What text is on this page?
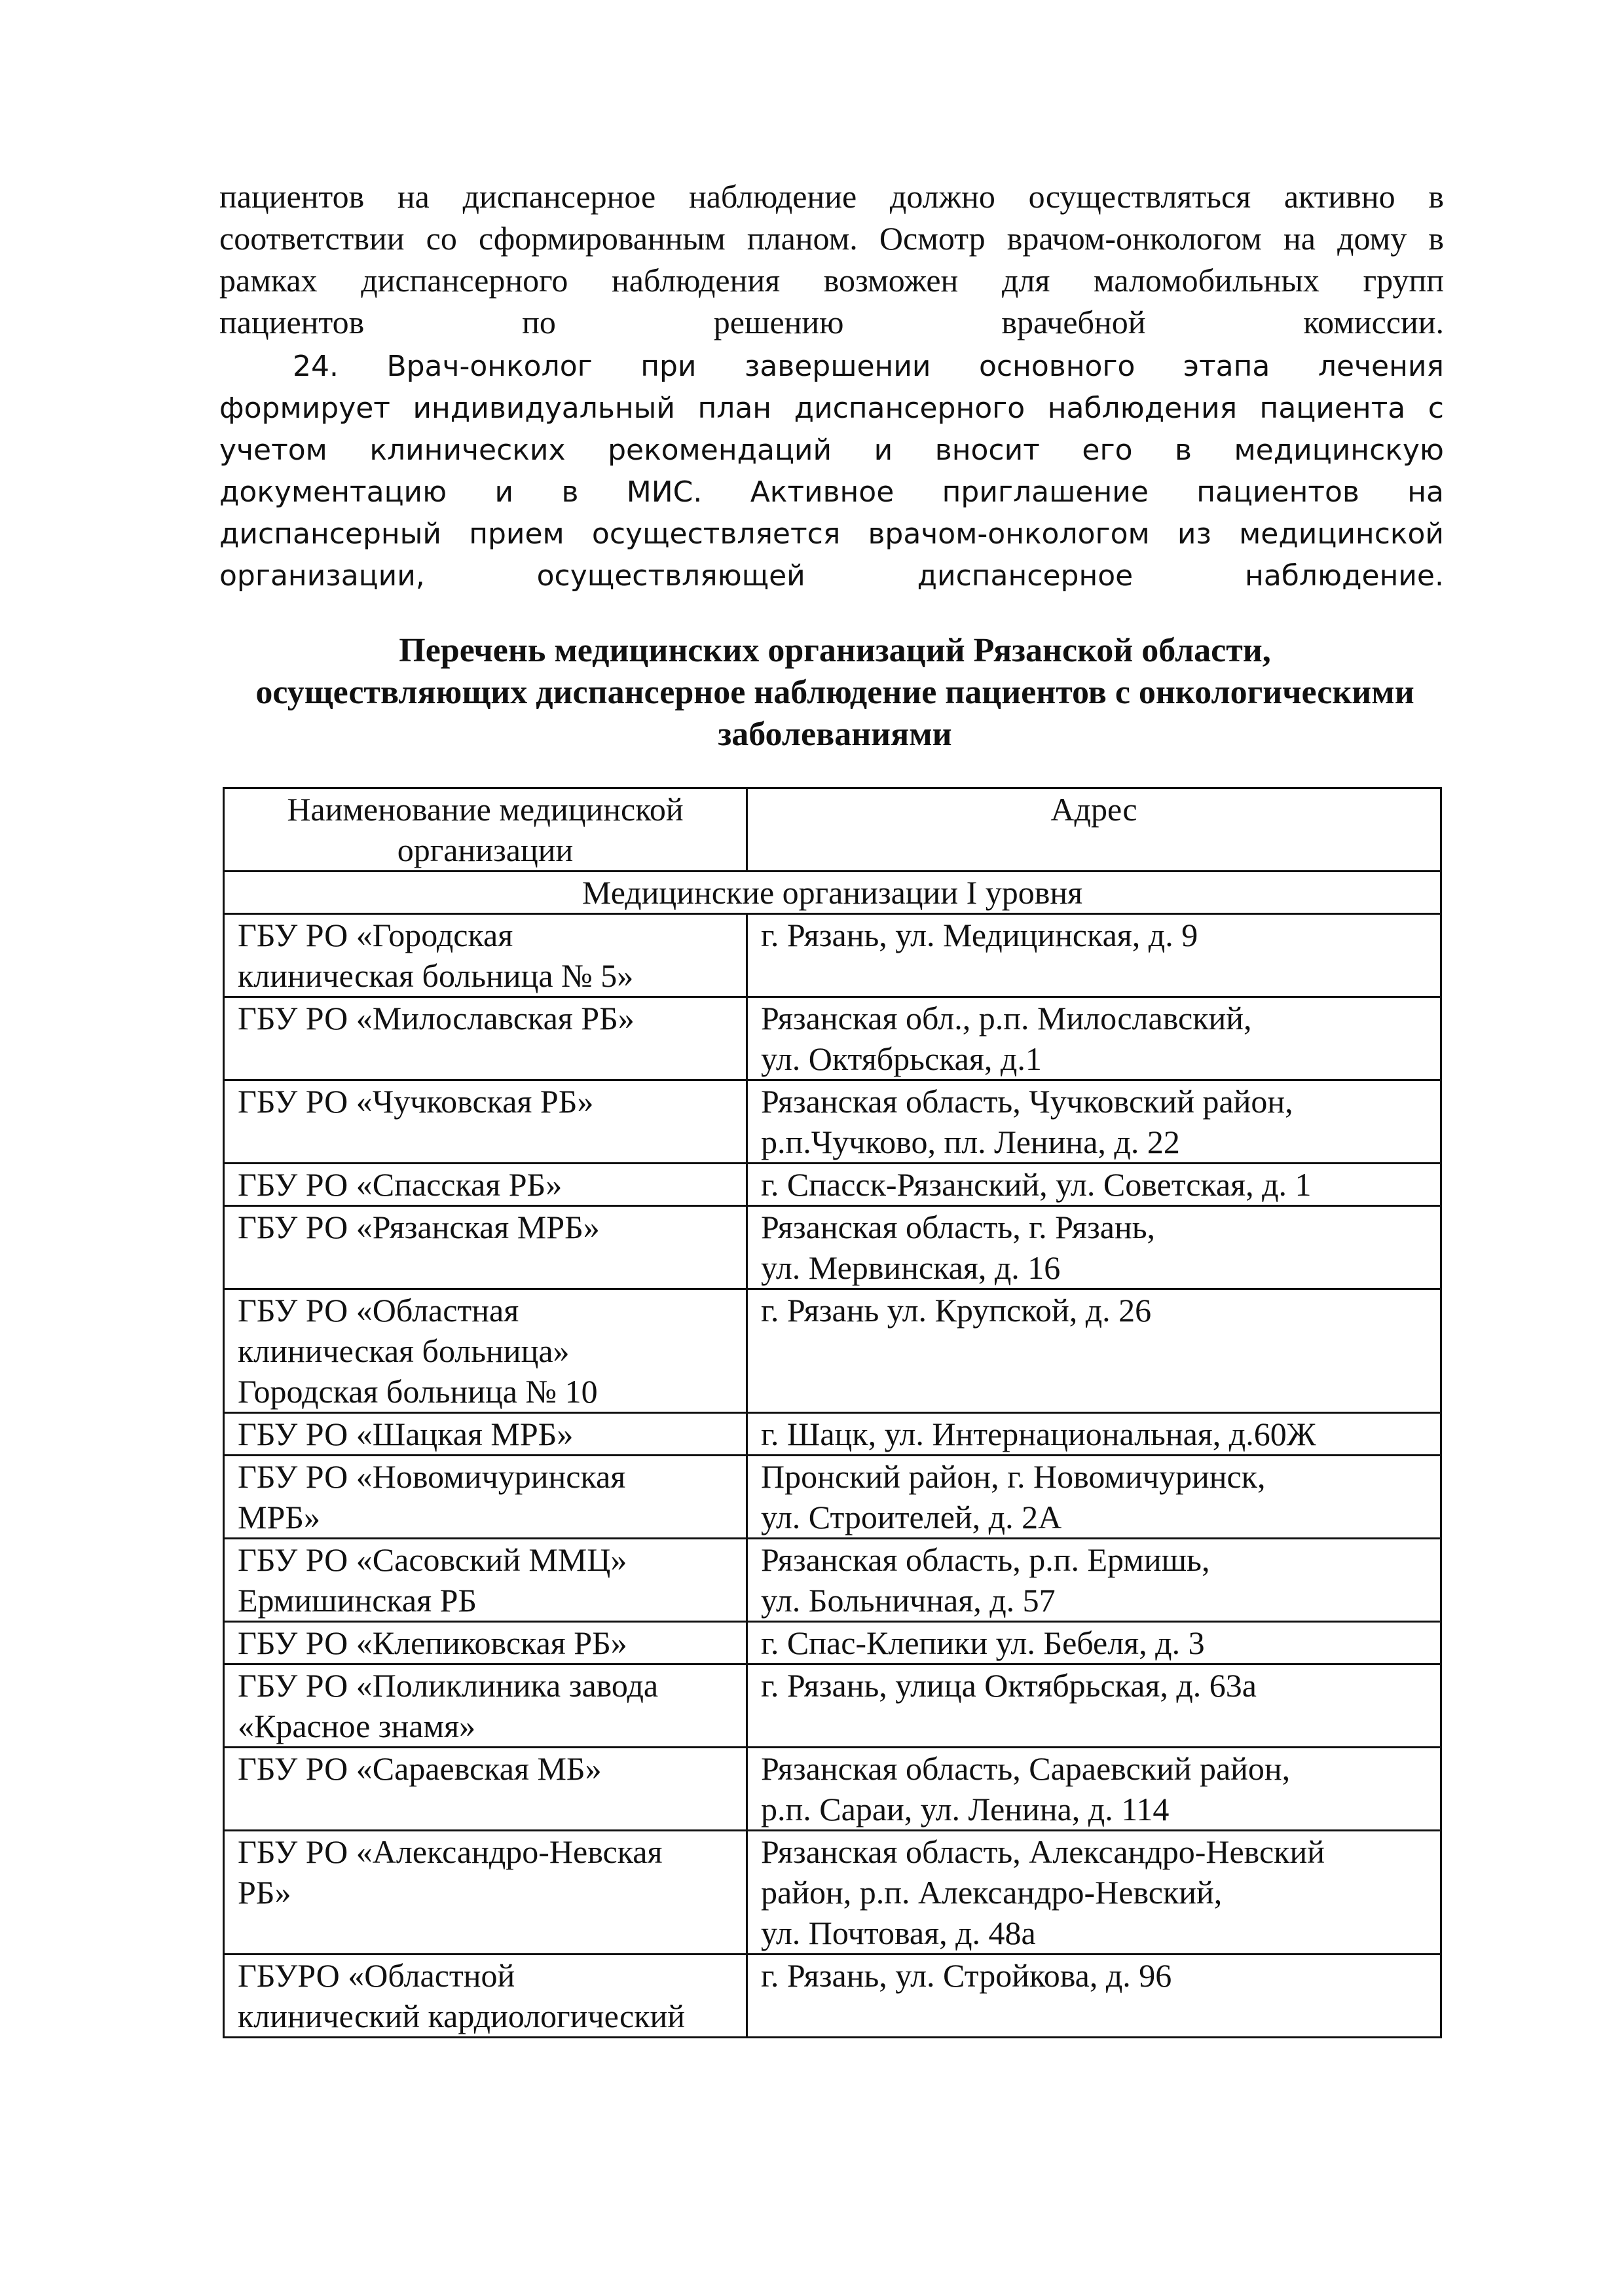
пациентов на диспансерное наблюдение должно осуществляться активно в
соответствии со сформированным планом. Осмотр врачом-онкологом на дому в
рамках диспансерного наблюдения возможен для маломобильных групп
пациентов по решению врачебной комиссии.
24. Врач-онколог при завершении основного этапа лечения
формирует индивидуальный план диспансерного наблюдения пациента с
учетом клинических рекомендаций и вносит его в медицинскую
документацию и в МИС. Активное приглашение пациентов на
диспансерный прием осуществляется врачом-онкологом из медицинской
организации, осуществляющей диспансерное наблюдение.
Перечень медицинских организаций Рязанской области,
осуществляющих диспансерное наблюдение пациентов с онкологическими
заболеваниями
Наименование медицинской
организации	Адрес
Медицинские организации I уровня	

ГБУ РО «Городская
клиническая больница № 5»	г. Рязань, ул. Медицинская, д. 9

ГБУ РО «Милославская РБ»	Рязанская обл., р.п. Милославский,
ул. Октябрьская, д.1

ГБУ РО «Чучковская РБ»	Рязанская область, Чучковский район,
р.п.Чучково, пл. Ленина, д. 22

ГБУ РО «Спасская РБ»	г. Спасск-Рязанский, ул. Советская, д. 1

ГБУ РО «Рязанская МРБ»	Рязанская область, г. Рязань,
ул. Мервинская, д. 16

ГБУ РО «Областная
клиническая больница»
Городская больница № 10	г. Рязань ул. Крупской, д. 26

ГБУ РО «Шацкая МРБ»	г. Шацк, ул. Интернациональная, д.60Ж

ГБУ РО «Новомичуринская
МРБ»	Пронский район, г. Новомичуринск,
ул. Строителей, д. 2А

ГБУ РО «Сасовский ММЦ»
Ермишинская РБ	Рязанская область, р.п. Ермишь,
ул. Больничная, д. 57

ГБУ РО «Клепиковская РБ»	г. Спас-Клепики ул. Бебеля, д. 3

ГБУ РО «Поликлиника завода
«Красное знамя»	г. Рязань, улица Октябрьская, д. 63а

ГБУ РО «Сараевская МБ»	Рязанская область, Сараевский район,
р.п. Сараи, ул. Ленина, д. 114

ГБУ РО «Александро-Невская
РБ»	Рязанская область, Александро-Невский
район, р.п. Александро-Невский,
ул. Почтовая, д. 48а

ГБУРО «Областной
клинический кардиологический	г. Рязань, ул. Стройкова, д. 96
